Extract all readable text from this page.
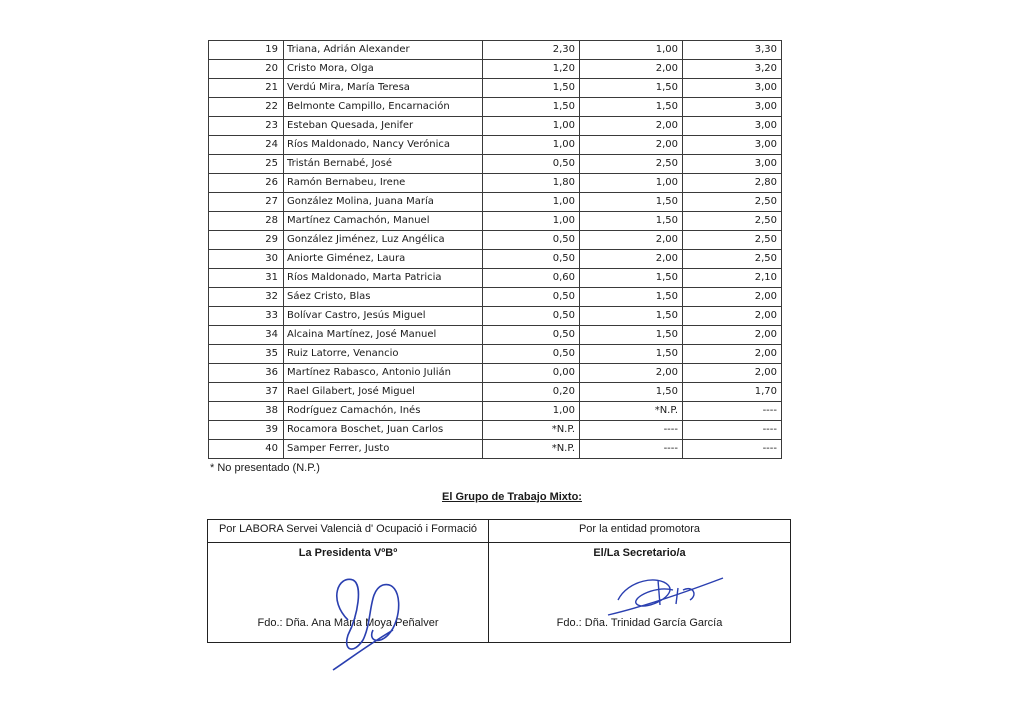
19	Triana, Adrián Alexander	2,30	1,00	3,30
20	Cristo Mora, Olga	1,20	2,00	3,20
21	Verdú Mira, María Teresa	1,50	1,50	3,00
22	Belmonte Campillo, Encarnación	1,50	1,50	3,00
23	Esteban Quesada, Jenifer	1,00	2,00	3,00
24	Ríos Maldonado, Nancy Verónica	1,00	2,00	3,00
25	Tristán Bernabé, José	0,50	2,50	3,00
26	Ramón Bernabeu, Irene	1,80	1,00	2,80
27	González Molina, Juana María	1,00	1,50	2,50
28	Martínez Camachón, Manuel	1,00	1,50	2,50
29	González Jiménez, Luz Angélica	0,50	2,00	2,50
30	Aniorte Giménez, Laura	0,50	2,00	2,50
31	Ríos Maldonado, Marta Patricia	0,60	1,50	2,10
32	Sáez Cristo, Blas	0,50	1,50	2,00
33	Bolívar Castro, Jesús Miguel	0,50	1,50	2,00
34	Alcaina Martínez, José Manuel	0,50	1,50	2,00
35	Ruiz Latorre, Venancio	0,50	1,50	2,00
36	Martínez Rabasco, Antonio Julián	0,00	2,00	2,00
37	Rael Gilabert, José Miguel	0,20	1,50	1,70
38	Rodríguez Camachón, Inés	1,00	*N.P.	----
39	Rocamora Boschet, Juan Carlos	*N.P.	----	----
40	Samper Ferrer, Justo	*N.P.	----	----
* No presentado (N.P.)
El Grupo de Trabajo Mixto:
Por LABORA Servei Valencià d' Ocupació i Formació	Por la entidad promotora
La Presidenta VºBº	El/La Secretario/a
Fdo.: Dña. Ana María Moya Peñalver	Fdo.: Dña. Trinidad García García
